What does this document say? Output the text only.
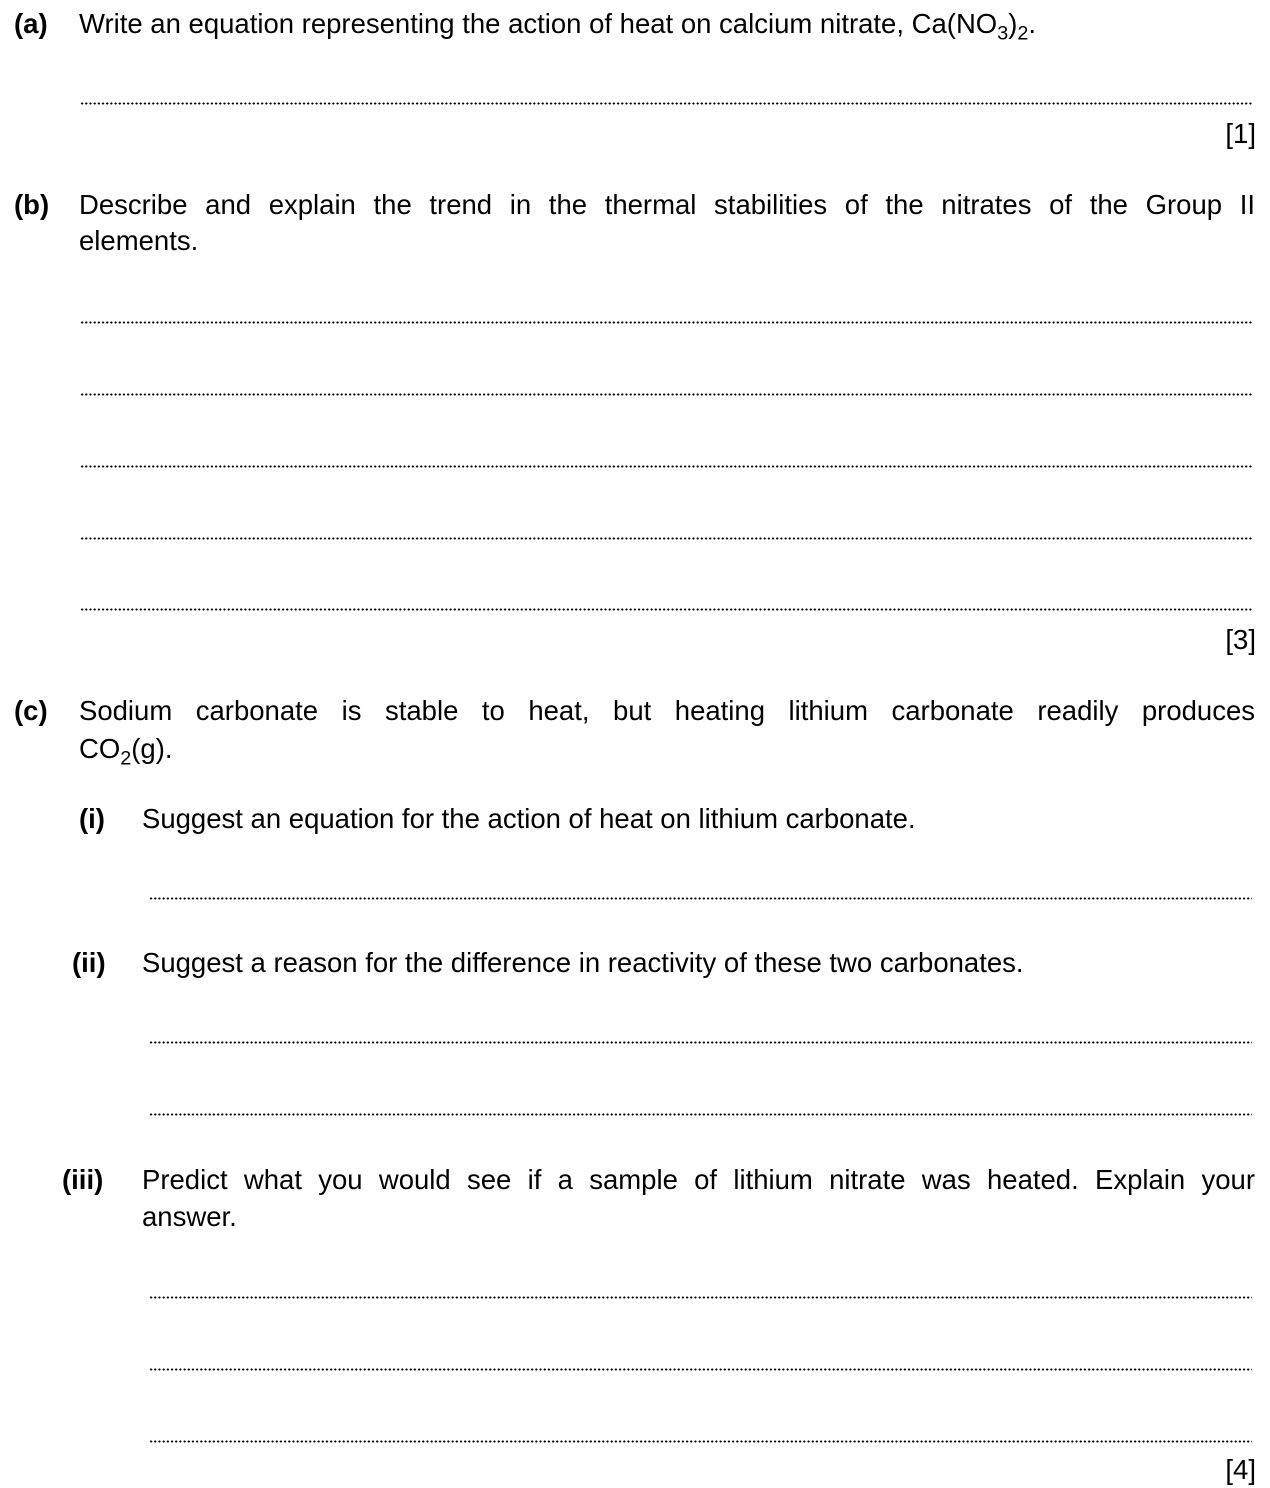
(a) Write an equation representing the action of heat on calcium nitrate, $Ca(NO_3)_2$.
[1]
(b) Describe and explain the trend in the thermal stabilities of the nitrates of the Group II
elements.
[3]
(c) Sodium carbonate is stable to heat, but heating lithium carbonate readily produces
$CO_2(g)$.
(i) Suggest an equation for the action of heat on lithium carbonate.
(ii) Suggest a reason for the difference in reactivity of these two carbonates.
(iii) Predict what you would see if a sample of lithium nitrate was heated. Explain your
answer.
[4]
